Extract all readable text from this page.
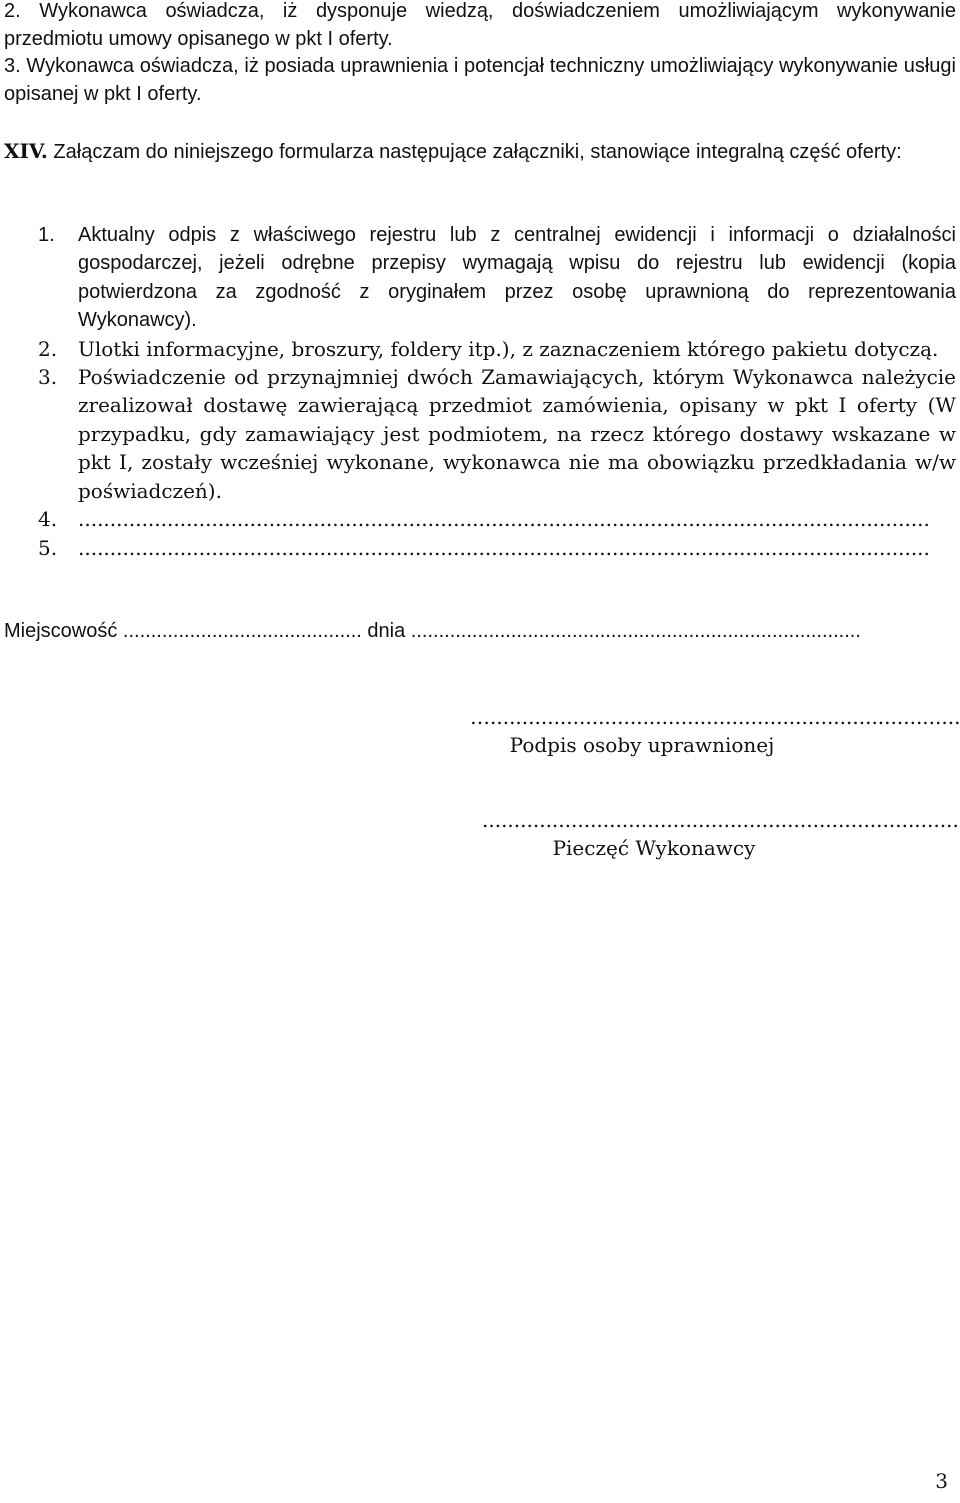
2. Wykonawca oświadcza, iż dysponuje wiedzą, doświadczeniem umożliwiającym wykonywanie przedmiotu umowy opisanego w pkt I oferty.
3. Wykonawca oświadcza, iż posiada uprawnienia i potencjał techniczny umożliwiający wykonywanie usługi opisanej w pkt I oferty.
XIV. Załączam do niniejszego formularza następujące załączniki, stanowiące integralną część oferty:
1. Aktualny odpis z właściwego rejestru lub z centralnej ewidencji i informacji o działalności gospodarczej, jeżeli odrębne przepisy wymagają wpisu do rejestru lub ewidencji (kopia potwierdzona za zgodność z oryginałem przez osobę uprawnioną do reprezentowania Wykonawcy).
2. Ulotki informacyjne, broszury, foldery itp.), z zaznaczeniem którego pakietu dotyczą.
3. Poświadczenie od przynajmniej dwóch Zamawiających, którym Wykonawca należycie zrealizował dostawę zawierającą przedmiot zamówienia, opisany w pkt I oferty (W przypadku, gdy zamawiający jest podmiotem, na rzecz którego dostawy wskazane w pkt I, zostały wcześniej wykonane, wykonawca nie ma obowiązku przedkładania w/w poświadczeń).
4. ......................................................................................................................................
5. ......................................................................................................................................
Miejscowość ........................................... dnia .................................................................................
…..........................................................................
Podpis osoby uprawnionej
...........................................................................
Pieczęć Wykonawcy
3
